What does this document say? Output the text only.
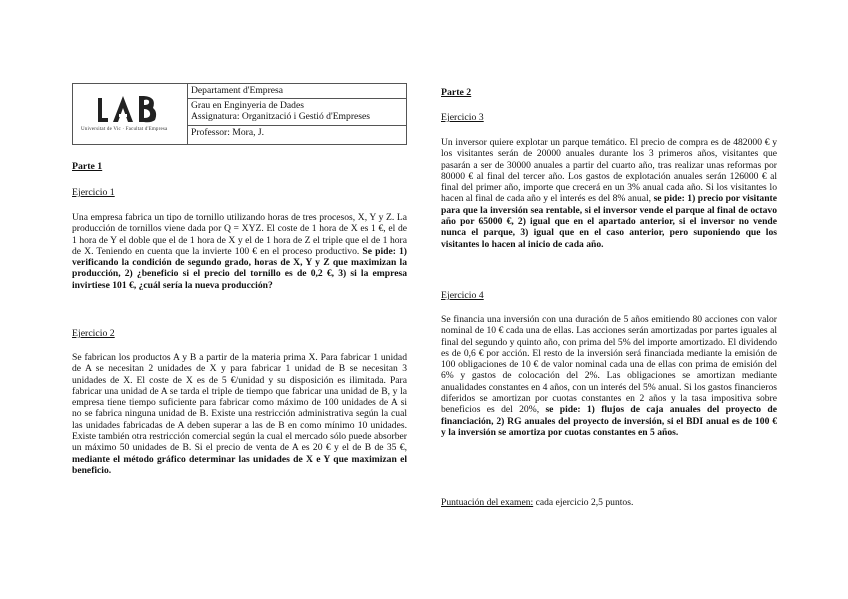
Universitat de Vic · Facultat d'Empresa
Departament d'Empresa
Grau en Enginyeria de Dades
Assignatura: Organització i Gestió d'Empreses
Professor: Mora, J.
Parte 1
Ejercicio 1

Una empresa fabrica un tipo de tornillo utilizando horas de tres procesos, X, Y y Z. La producción de tornillos viene dada por Q = XYZ. El coste de 1 hora de X es 1 €, el de 1 hora de Y el doble que el de 1 hora de X y el de 1 hora de Z el triple que el de 1 hora de X. Teniendo en cuenta que la invierte 100 € en el proceso productivo. Se pide: 1) verificando la condición de segundo grado, horas de X, Y y Z que maximizan la producción, 2) ¿beneficio si el precio del tornillo es de 0,2 €, 3) si la empresa invirtiese 101 €, ¿cuál sería la nueva producción?

Ejercicio 2

Se fabrican los productos A y B a partir de la materia prima X. Para fabricar 1 unidad de A se necesitan 2 unidades de X y para fabricar 1 unidad de B se necesitan 3 unidades de X. El coste de X es de 5 €/unidad y su disposición es ilimitada. Para fabricar una unidad de A se tarda el triple de tiempo que fabricar una unidad de B, y la empresa tiene tiempo suficiente para fabricar como máximo de 100 unidades de A si no se fabrica ninguna unidad de B. Existe una restricción administrativa según la cual las unidades fabricadas de A deben superar a las de B en como mínimo 10 unidades. Existe también otra restricción comercial según la cual el mercado sólo puede absorber un máximo 50 unidades de B. Si el precio de venta de A es 20 € y el de B de 35 €, mediante el método gráfico determinar las unidades de X e Y que maximizan el beneficio.

Parte 2
Ejercicio 3

Un inversor quiere explotar un parque temático. El precio de compra es de 482000 € y los visitantes serán de 20000 anuales durante los 3 primeros años, visitantes que pasarán a ser de 30000 anuales a partir del cuarto año, tras realizar unas reformas por 80000 € al final del tercer año. Los gastos de explotación anuales serán 126000 € al final del primer año, importe que crecerá en un 3% anual cada año. Si los visitantes lo hacen al final de cada año y el interés es del 8% anual, se pide: 1) precio por visitante para que la inversión sea rentable, si el inversor vende el parque al final de octavo año por 65000 €, 2) igual que en el apartado anterior, si el inversor no vende nunca el parque, 3) igual que en el caso anterior, pero suponiendo que los visitantes lo hacen al inicio de cada año.

Ejercicio 4

Se financia una inversión con una duración de 5 años emitiendo 80 acciones con valor nominal de 10 € cada una de ellas. Las acciones serán amortizadas por partes iguales al final del segundo y quinto año, con prima del 5% del importe amortizado. El dividendo es de 0,6 € por acción. El resto de la inversión será financiada mediante la emisión de 100 obligaciones de 10 € de valor nominal cada una de ellas con prima de emisión del 6% y gastos de colocación del 2%. Las obligaciones se amortizan mediante anualidades constantes en 4 años, con un interés del 5% anual. Si los gastos financieros diferidos se amortizan por cuotas constantes en 2 años y la tasa impositiva sobre beneficios es del 20%, se pide: 1) flujos de caja anuales del proyecto de financiación, 2) RG anuales del proyecto de inversión, si el BDI anual es de 100 € y la inversión se amortiza por cuotas constantes en 5 años.

Puntuación del examen: cada ejercicio 2,5 puntos.
